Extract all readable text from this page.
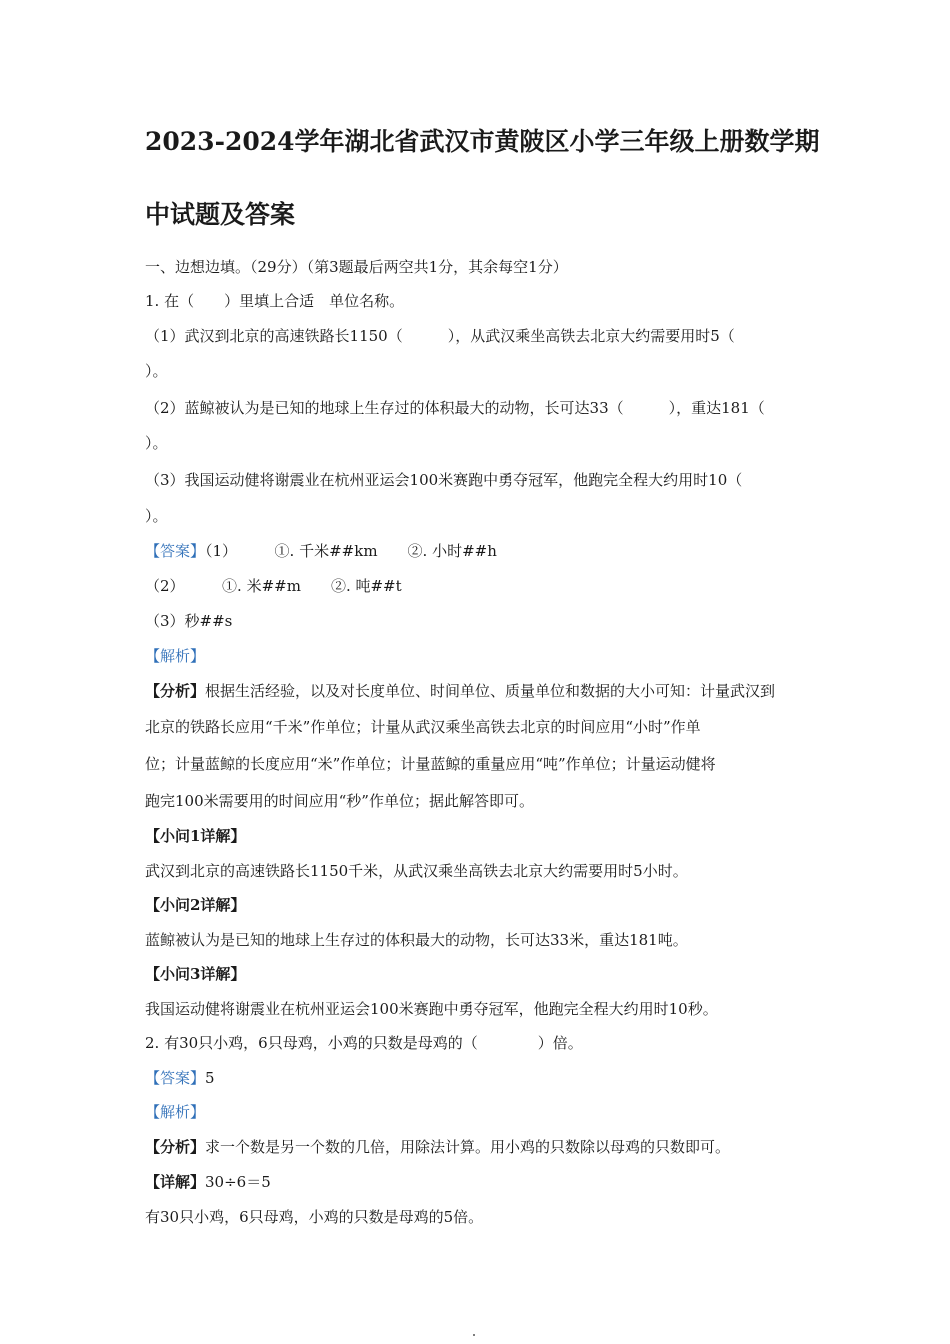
2023-2024学年湖北省武汉市黄陂区小学三年级上册数学期
中试题及答案
一、边想边填。（29分）（第3题最后两空共1分，其余每空1分）
1. 在（　　）里填上合适　单位名称。
（1）武汉到北京的高速铁路长1150（　　　），从武汉乘坐高铁去北京大约需要用时5（
）。
（2）蓝鲸被认为是已知的地球上生存过的体积最大的动物，长可达33（　　　），重达181（
）。
（3）我国运动健将谢震业在杭州亚运会100米赛跑中勇夺冠军，他跑完全程大约用时10（
）。
【答案】（1）　　　①. 千米##km　　②. 小时##h
（2）　　　①. 米##m　　②. 吨##t
（3）秒##s
【解析】
【分析】根据生活经验，以及对长度单位、时间单位、质量单位和数据的大小可知：计量武汉到
北京的铁路长应用“千米”作单位；计量从武汉乘坐高铁去北京的时间应用“小时”作单
位；计量蓝鲸的长度应用“米”作单位；计量蓝鲸的重量应用“吨”作单位；计量运动健将
跑完100米需要用的时间应用“秒”作单位；据此解答即可。
【小问1详解】
武汉到北京的高速铁路长1150千米，从武汉乘坐高铁去北京大约需要用时5小时。
【小问2详解】
蓝鲸被认为是已知的地球上生存过的体积最大的动物，长可达33米，重达181吨。
【小问3详解】
我国运动健将谢震业在杭州亚运会100米赛跑中勇夺冠军，他跑完全程大约用时10秒。
2. 有30只小鸡，6只母鸡，小鸡的只数是母鸡的（　　　　）倍。
【答案】5
【解析】
【分析】求一个数是另一个数的几倍，用除法计算。用小鸡的只数除以母鸡的只数即可。
【详解】30÷6＝5
有30只小鸡，6只母鸡，小鸡的只数是母鸡的5倍。
